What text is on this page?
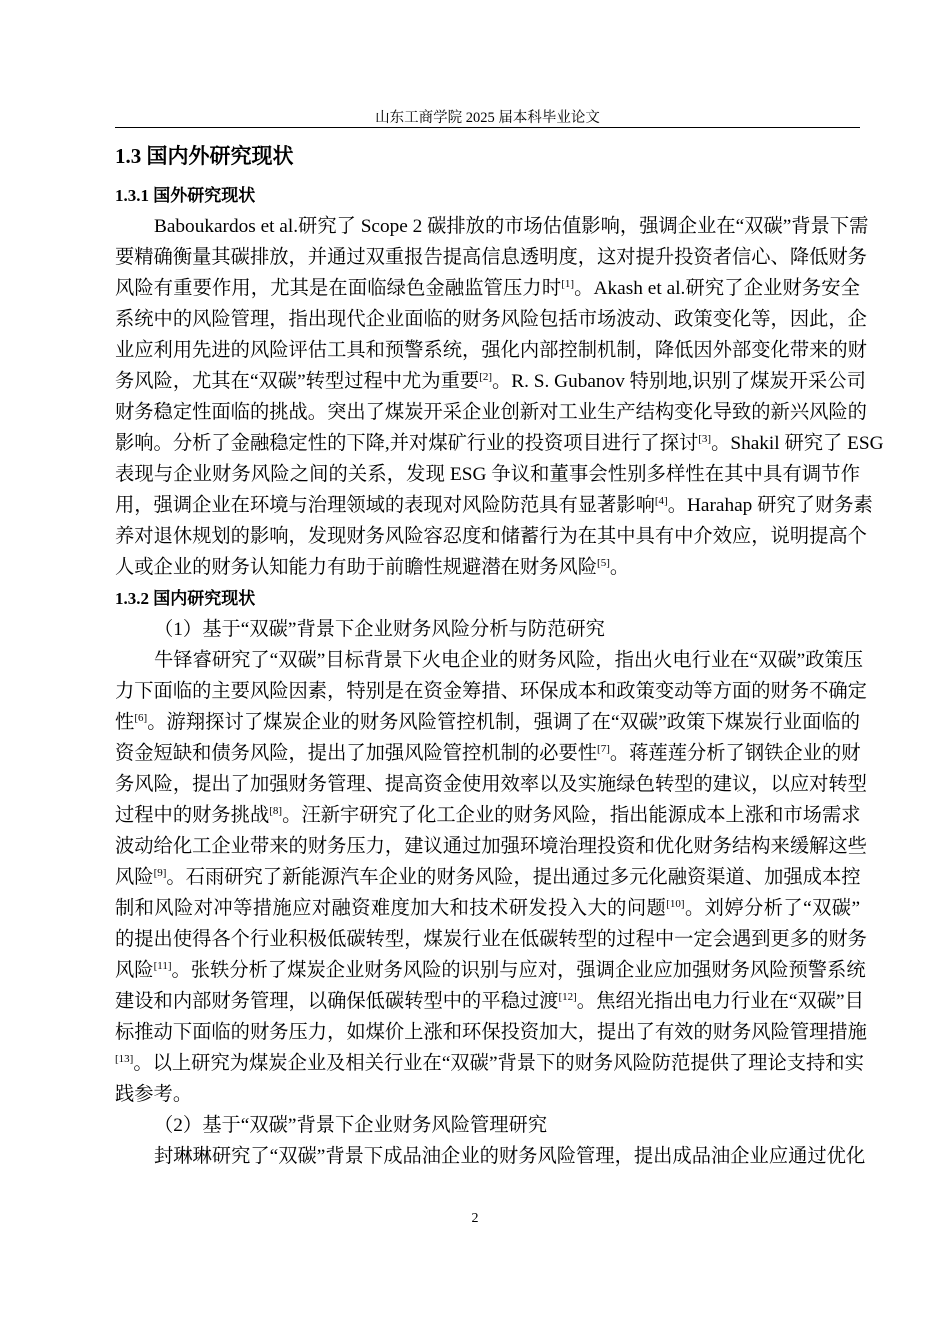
山东工商学院 2025 届本科毕业论文
1.3 国内外研究现状
1.3.1 国外研究现状
Baboukardos et al.研究了 Scope 2 碳排放的市场估值影响，强调企业在“双碳”背景下需
要精确衡量其碳排放，并通过双重报告提高信息透明度，这对提升投资者信心、降低财务
风险有重要作用，尤其是在面临绿色金融监管压力时[1]。Akash et al.研究了企业财务安全
系统中的风险管理，指出现代企业面临的财务风险包括市场波动、政策变化等，因此，企
业应利用先进的风险评估工具和预警系统，强化内部控制机制，降低因外部变化带来的财
务风险，尤其在“双碳”转型过程中尤为重要[2]。R. S. Gubanov 特别地,识别了煤炭开采公司
财务稳定性面临的挑战。突出了煤炭开采企业创新对工业生产结构变化导致的新兴风险的
影响。分析了金融稳定性的下降,并对煤矿行业的投资项目进行了探讨[3]。Shakil 研究了 ESG
表现与企业财务风险之间的关系，发现 ESG 争议和董事会性别多样性在其中具有调节作
用，强调企业在环境与治理领域的表现对风险防范具有显著影响[4]。Harahap 研究了财务素
养对退休规划的影响，发现财务风险容忍度和储蓄行为在其中具有中介效应，说明提高个
人或企业的财务认知能力有助于前瞻性规避潜在财务风险[5]。
1.3.2 国内研究现状
（1）基于“双碳”背景下企业财务风险分析与防范研究
牛铎睿研究了“双碳”目标背景下火电企业的财务风险，指出火电行业在“双碳”政策压
力下面临的主要风险因素，特别是在资金筹措、环保成本和政策变动等方面的财务不确定
性[6]。游翔探讨了煤炭企业的财务风险管控机制，强调了在“双碳”政策下煤炭行业面临的
资金短缺和债务风险，提出了加强风险管控机制的必要性[7]。蒋莲莲分析了钢铁企业的财
务风险，提出了加强财务管理、提高资金使用效率以及实施绿色转型的建议，以应对转型
过程中的财务挑战[8]。汪新宇研究了化工企业的财务风险，指出能源成本上涨和市场需求
波动给化工企业带来的财务压力，建议通过加强环境治理投资和优化财务结构来缓解这些
风险[9]。石雨研究了新能源汽车企业的财务风险，提出通过多元化融资渠道、加强成本控
制和风险对冲等措施应对融资难度加大和技术研发投入大的问题[10]。刘婷分析了“双碳”
的提出使得各个行业积极低碳转型，煤炭行业在低碳转型的过程中一定会遇到更多的财务
风险[11]。张轶分析了煤炭企业财务风险的识别与应对，强调企业应加强财务风险预警系统
建设和内部财务管理，以确保低碳转型中的平稳过渡[12]。焦绍光指出电力行业在“双碳”目
标推动下面临的财务压力，如煤价上涨和环保投资加大，提出了有效的财务风险管理措施
[13]。以上研究为煤炭企业及相关行业在“双碳”背景下的财务风险防范提供了理论支持和实
践参考。
（2）基于“双碳”背景下企业财务风险管理研究
封琳琳研究了“双碳”背景下成品油企业的财务风险管理，提出成品油企业应通过优化
2
